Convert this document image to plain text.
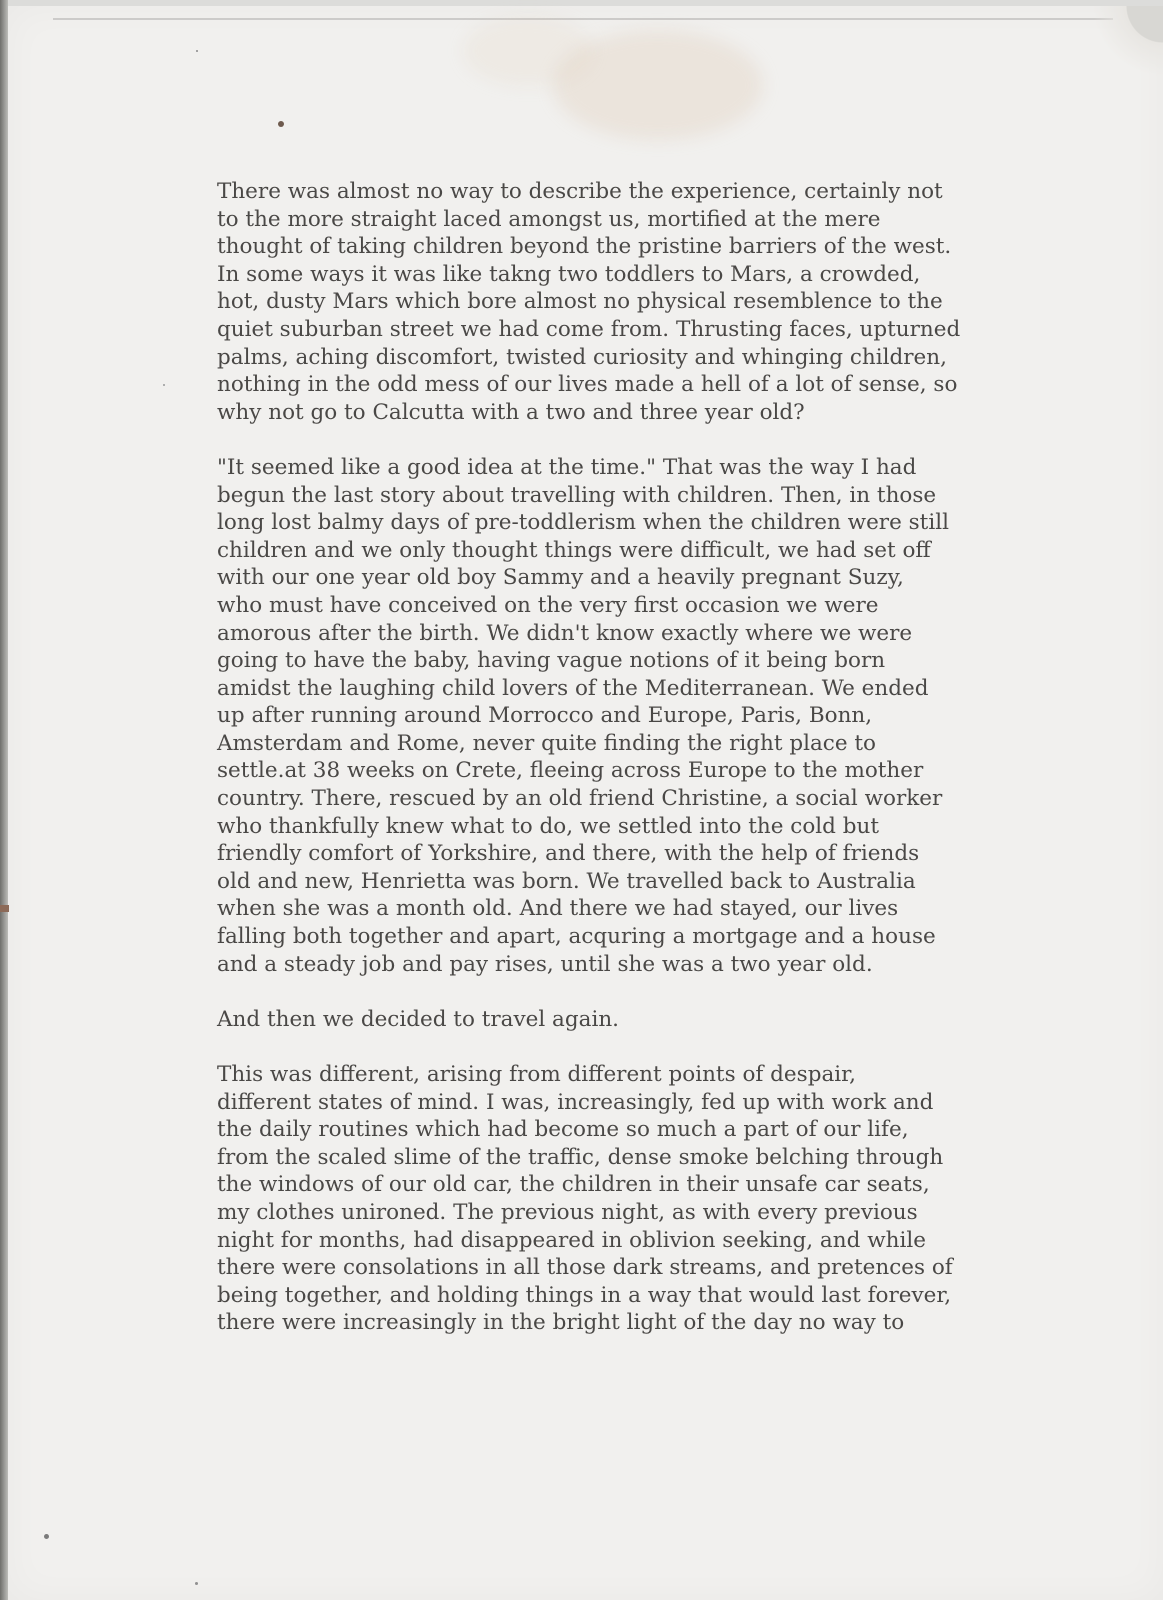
There was almost no way to describe the experience, certainly not
to the more straight laced amongst us, mortified at the mere
thought of taking children beyond the pristine barriers of the west.
In some ways it was like takng two toddlers to Mars, a crowded,
hot, dusty Mars which bore almost no physical resemblence to the
quiet suburban street we had come from. Thrusting faces, upturned
palms, aching discomfort, twisted curiosity and whinging children,
nothing in the odd mess of our lives made a hell of a lot of sense, so
why not go to Calcutta with a two and three year old?

"It seemed like a good idea at the time." That was the way I had
begun the last story about travelling with children. Then, in those
long lost balmy days of pre-toddlerism when the children were still
children and we only thought things were difficult, we had set off
with our one year old boy Sammy and a heavily pregnant Suzy,
who must have conceived on the very first occasion we were
amorous after the birth. We didn't know exactly where we were
going to have the baby, having vague notions of it being born
amidst the laughing child lovers of the Mediterranean. We ended
up after running around Morrocco and Europe, Paris, Bonn,
Amsterdam and Rome, never quite finding the right place to
settle.at 38 weeks on Crete, fleeing across Europe to the mother
country. There, rescued by an old friend Christine, a social worker
who thankfully knew what to do, we settled into the cold but
friendly comfort of Yorkshire, and there, with the help of friends
old and new, Henrietta was born. We travelled back to Australia
when she was a month old. And there we had stayed, our lives
falling both together and apart, acquring a mortgage and a house
and a steady job and pay rises, until she was a two year old.

And then we decided to travel again.

This was different, arising from different points of despair,
different states of mind. I was, increasingly, fed up with work and
the daily routines which had become so much a part of our life,
from the scaled slime of the traffic, dense smoke belching through
the windows of our old car, the children in their unsafe car seats,
my clothes unironed. The previous night, as with every previous
night for months, had disappeared in oblivion seeking, and while
there were consolations in all those dark streams, and pretences of
being together, and holding things in a way that would last forever,
there were increasingly in the bright light of the day no way to
